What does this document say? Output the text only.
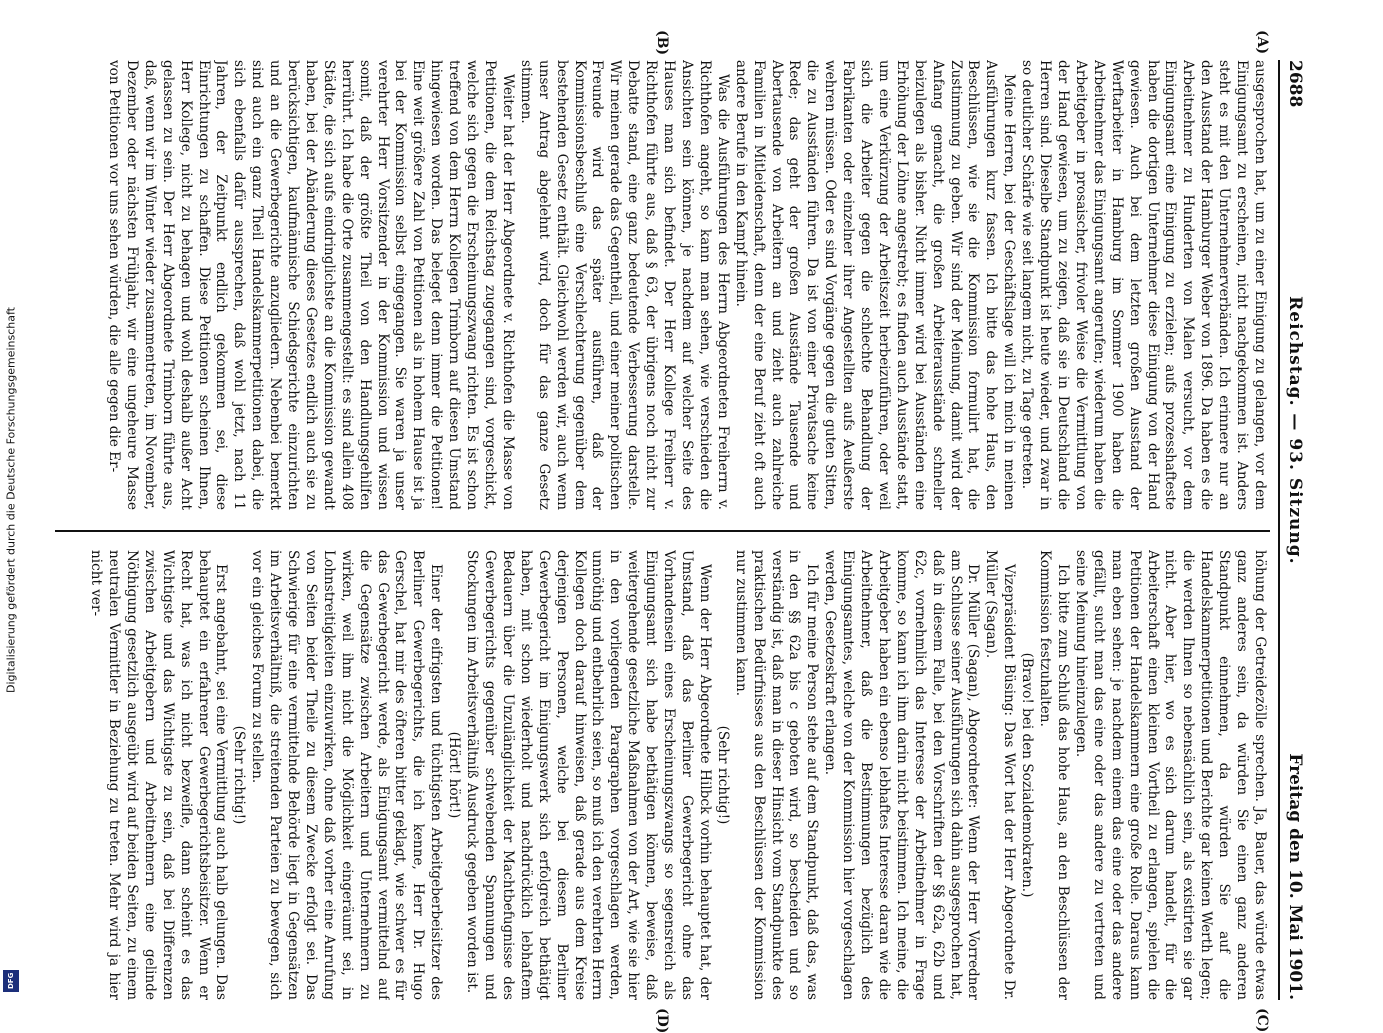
Digitalisierung gefördert durch die Deutsche Forschungsgemeinschaft
DFG
2688
Reichstag. — 93. Sitzung.
Freitag den 10. Mai 1901.
(A)
(B)
(C)
(D)

ausgesprochen hat, um zu einer Einigung zu gelangen, vor dem Einigungsamt zu erscheinen, nicht nachgekommen ist. Anders steht es mit den Unternehmerverbänden. Ich erinnere nur an den Ausstand der Hamburger Weber von 1896. Da haben es die Arbeitnehmer zu Hunderten von Malen versucht, vor dem Einigungsamt eine Einigung zu erzielen; aufs prozesshafteste haben die dortigen Unternehmer diese Einigung von der Hand gewiesen. Auch bei dem letzten großen Ausstand der Werftarbeiter in Hamburg im Sommer 1900 haben die Arbeitnehmer das Einigungsamt angerufen; wiederum haben die Arbeitgeber in prosaischer, frivoler Weise die Vermittlung von der Hand gewiesen, um zu zeigen, daß sie in Deutschland die Herren sind. Dieselbe Standpunkt ist heute wieder, und zwar in so deutlicher Schärfe wie seit langem nicht, zu Tage getreten.

Meine Herren, bei der Geschäftslage will ich mich in meinen Ausführungen kurz fassen. Ich bitte das hohe Haus, den Beschlüssen, wie sie die Kommission formulirt hat, die Zustimmung zu geben. Wir sind der Meinung, damit wird der Anfang gemacht, die großen Arbeiterausstände schneller beizulegen als bisher. Nicht immer wird bei Ausständen eine Erhöhung der Löhne angestrebt; es finden auch Ausstände statt, um eine Verkürzung der Arbeitszeit herbeizuführen, oder weil sich die Arbeiter gegen die schlechte Behandlung der Fabrikanten oder einzelner ihrer Angestellten aufs Aeußerste wehren müssen. Oder es sind Vorgänge gegen die guten Sitten, die zu Ausständen führen. Da ist von einer Privatsache keine Rede; das geht der großen Ausstände Tausende und Abertausende von Arbeitern an und zieht auch zahlreiche Familien in Mitleidenschaft, denn der eine Beruf zieht oft auch andere Berufe in den Kampf hinein.

Was die Ausführungen des Herrn Abgeordneten Freiherrn v. Richthofen angeht, so kann man sehen, wie verschieden die Ansichten sein können, je nachdem auf welcher Seite des Hauses man sich befindet. Der Herr Kollege Freiherr v. Richthofen führte aus, daß § 63, der übrigens noch nicht zur Debatte stand, eine ganz bedeutende Verbesserung darstelle. Wir meinen gerade das Gegentheil, und einer meiner politischen Freunde wird das später ausführen, daß der Kommissionsbeschluß eine Verschlechterung gegenüber dem bestehenden Gesetz enthält. Gleichwohl werden wir, auch wenn unser Antrag abgelehnt wird, doch für das ganze Gesetz stimmen.

Weiter hat der Herr Abgeordnete v. Richthofen die Masse von Petitionen, die dem Reichstag zugegangen sind, vorgeschickt, welche sich gegen die Erscheinungszwang richten. Es ist schon treffend von dem Herrn Kollegen Trimborn auf diesen Umstand hingewiesen worden. Das beleget denn immer die Petitionen! Eine weit größere Zahl von Petitionen als in hohem Hause ist ja bei der Kommission selbst eingegangen. Sie waren ja unser verehrter Herr Vorsitzender in der Kommission und wissen somit, daß der größte Theil von den Handlungsgehilfen herrührt. Ich habe die Orte zusammengestellt: es sind allein 408 Städte, die sich aufs eindringlichste an die Kommission gewandt haben, bei der Abänderung dieses Gesetzes endlich auch sie zu berücksichtigen, kaufmännische Schiedsgerichte einzurichten und an die Gewerbegerichte anzugliedern. Nebenbei bemerkt sind auch ein ganz Theil Handelskammerpetitionen dabei, die sich ebenfalls dafür aussprechen, daß wohl jetzt, nach 11 Jahren, der Zeitpunkt endlich gekommen sei, diese Einrichtungen zu schaffen. Diese Petitionen scheinen Ihnen, Herr Kollege, nicht zu behagen und wohl deshalb außer Acht gelassen zu sein. Der Herr Abgeordnete Trimborn führte aus, daß, wenn wir im Winter wieder zusammentreten, im November, Dezember oder nächsten Frühjahr, wir eine ungeheure Masse von Petitionen vor uns sehen würden, die alle gegen die Er-

höhung der Getreidezölle sprechen. Ja, Bauer, das würde etwas ganz anderes sein, da würden Sie einen ganz anderen Standpunkt einnehmen, da würden Sie auf die Handelskammerpetitionen und Berichte gar keinen Werth legen; die werden Ihnen so nebensächlich sein, als existirten sie gar nicht. Aber hier, wo es sich darum handelt, für die Arbeiterschaft einen kleinen Vortheil zu erlangen, spielen die Petitionen der Handelskammern eine große Rolle. Daraus kann man eben sehen: je nachdem einem das eine oder das andere gefällt, sucht man das eine oder das andere zu vertreten und seine Meinung hineinzulegen.

Ich bitte zum Schluß das hohe Haus, an den Beschlüssen der Kommission festzuhalten.

(Bravo! bei den Sozialdemokraten.)

Vizepräsident Büsing: Das Wort hat der Herr Abgeordnete Dr. Müller (Sagan).

Dr. Müller (Sagan), Abgeordneter: Wenn der Herr Vorredner am Schlusse seiner Ausführungen sich dahin ausgesprochen hat, daß in diesem Falle, bei den Vorschriften der §§ 62a, 62b und 62c, vornehmlich das Interesse der Arbeitnehmer in Frage komme, so kann ich ihm darin nicht beistimmen. Ich meine, die Arbeitgeber haben ein ebenso lebhaftes Interesse daran wie die Arbeitnehmer, daß die Bestimmungen bezüglich des Einigungsamtes, welche von der Kommission hier vorgeschlagen werden, Gesetzeskraft erlangen.

Ich für meine Person stehe auf dem Standpunkt, daß das, was in den §§ 62a bis c geboten wird, so bescheiden und so verständig ist, daß man in dieser Hinsicht vom Standpunkte des praktischen Bedürfnisses aus den Beschlüssen der Kommission nur zustimmen kann.

(Sehr richtig!)

Wenn der Herr Abgeordnete Hilbck vorhin behauptet hat, der Umstand, daß das Berliner Gewerbegericht ohne das Vorhandensein eines Erscheinungszwangs so segensreich als Einigungsamt sich habe bethätigen können, beweise, daß weitergehende gesetzliche Maßnahmen von der Art, wie sie hier in den vorliegenden Paragraphen vorgeschlagen werden, unnöthig und entbehrlich seien, so muß ich den verehrten Herrn Kollegen doch darauf hinweisen, daß gerade aus dem Kreise derjenigen Personen, welche bei diesem Berliner Gewerbegericht im Einigungswerk sich erfolgreich bethätigt haben, mit schon wiederholt und nachdrücklich lebhaftem Bedauern über die Unzulänglichkeit der Machtbefugnisse des Gewerbegerichts gegenüber schwebenden Spannungen und Stockungen im Arbeitsverhältniß Ausdruck gegeben worden ist.

(Hört! hört!)

Einer der eifrigsten und tüchtigsten Arbeitgeberbeisitzer des Berliner Gewerbegerichts, die ich kenne, Herr Dr. Hugo Gerschel, hat mir des öfteren bitter geklagt, wie schwer es für das Gewerbegericht werde, als Einigungsamt vermittelnd auf die Gegensätze zwischen Arbeitern und Unternehmern zu wirken, weil ihm nicht die Möglichkeit eingeräumt sei, in Lohnstreitigkeiten einzuwirken, ohne daß vorher eine Anrufung von Seiten beider Theile zu diesem Zwecke erfolgt sei. Das Schwierige für eine vermittelnde Behörde liegt in Gegensätzen im Arbeitsverhältniß, die streitenden Parteien zu bewegen, sich vor ein gleiches Forum zu stellen.

(Sehr richtig!)

Erst angebahnt, sei eine Vermittlung auch halb gelungen. Das behauptet ein erfahrener Gewerbegerichtsbeisitzer. Wenn er Recht hat, was ich nicht bezweifle, dann scheint es das Wichtigste und das Wichtigste zu sein, daß bei Differenzen zwischen Arbeitgebern und Arbeitnehmern eine gelinde Nöthigung gesetzlich ausgeübt wird auf beiden Seiten, zu einem neutralen Vermittler in Beziehung zu treten. Mehr wird ja hier nicht ver-
